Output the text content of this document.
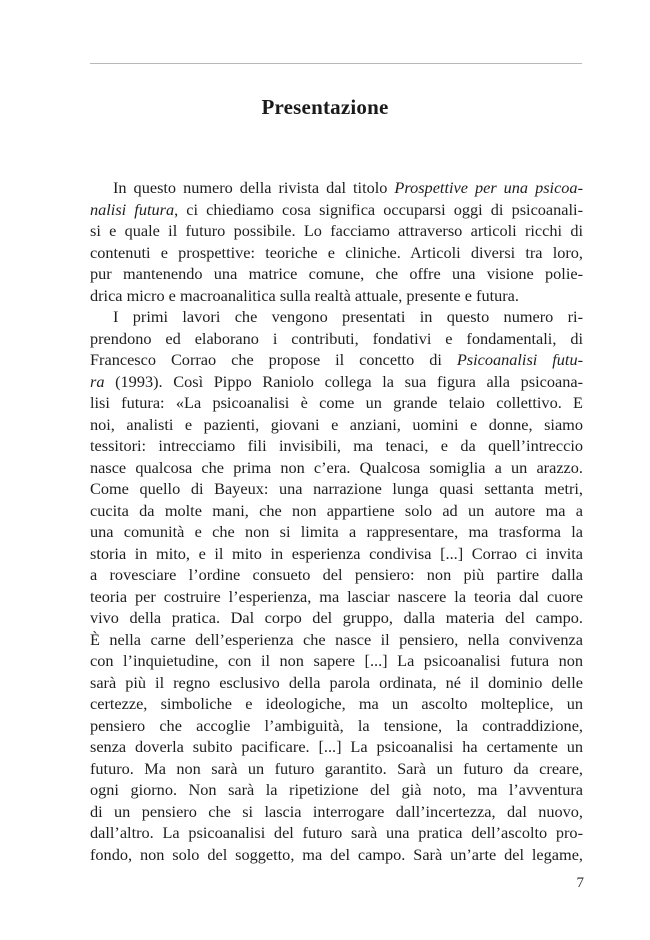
Presentazione
In questo numero della rivista dal titolo Prospettive per una psicoa-
nalisi futura, ci chiediamo cosa significa occuparsi oggi di psicoanali-
si e quale il futuro possibile. Lo facciamo attraverso articoli ricchi di
contenuti e prospettive: teoriche e cliniche. Articoli diversi tra loro,
pur mantenendo una matrice comune, che offre una visione polie-
drica micro e macroanalitica sulla realtà attuale, presente e futura.
I primi lavori che vengono presentati in questo numero ri-
prendono ed elaborano i contributi, fondativi e fondamentali, di
Francesco Corrao che propose il concetto di Psicoanalisi futu-
ra (1993). Così Pippo Raniolo collega la sua figura alla psicoana-
lisi futura: «La psicoanalisi è come un grande telaio collettivo. E
noi, analisti e pazienti, giovani e anziani, uomini e donne, siamo
tessitori: intrecciamo fili invisibili, ma tenaci, e da quell’intreccio
nasce qualcosa che prima non c’era. Qualcosa somiglia a un arazzo.
Come quello di Bayeux: una narrazione lunga quasi settanta metri,
cucita da molte mani, che non appartiene solo ad un autore ma a
una comunità e che non si limita a rappresentare, ma trasforma la
storia in mito, e il mito in esperienza condivisa [...] Corrao ci invita
a rovesciare l’ordine consueto del pensiero: non più partire dalla
teoria per costruire l’esperienza, ma lasciar nascere la teoria dal cuore
vivo della pratica. Dal corpo del gruppo, dalla materia del campo.
È nella carne dell’esperienza che nasce il pensiero, nella convivenza
con l’inquietudine, con il non sapere [...] La psicoanalisi futura non
sarà più il regno esclusivo della parola ordinata, né il dominio delle
certezze, simboliche e ideologiche, ma un ascolto molteplice, un
pensiero che accoglie l’ambiguità, la tensione, la contraddizione,
senza doverla subito pacificare. [...] La psicoanalisi ha certamente un
futuro. Ma non sarà un futuro garantito. Sarà un futuro da creare,
ogni giorno. Non sarà la ripetizione del già noto, ma l’avventura
di un pensiero che si lascia interrogare dall’incertezza, dal nuovo,
dall’altro. La psicoanalisi del futuro sarà una pratica dell’ascolto pro-
fondo, non solo del soggetto, ma del campo. Sarà un’arte del legame,
7
